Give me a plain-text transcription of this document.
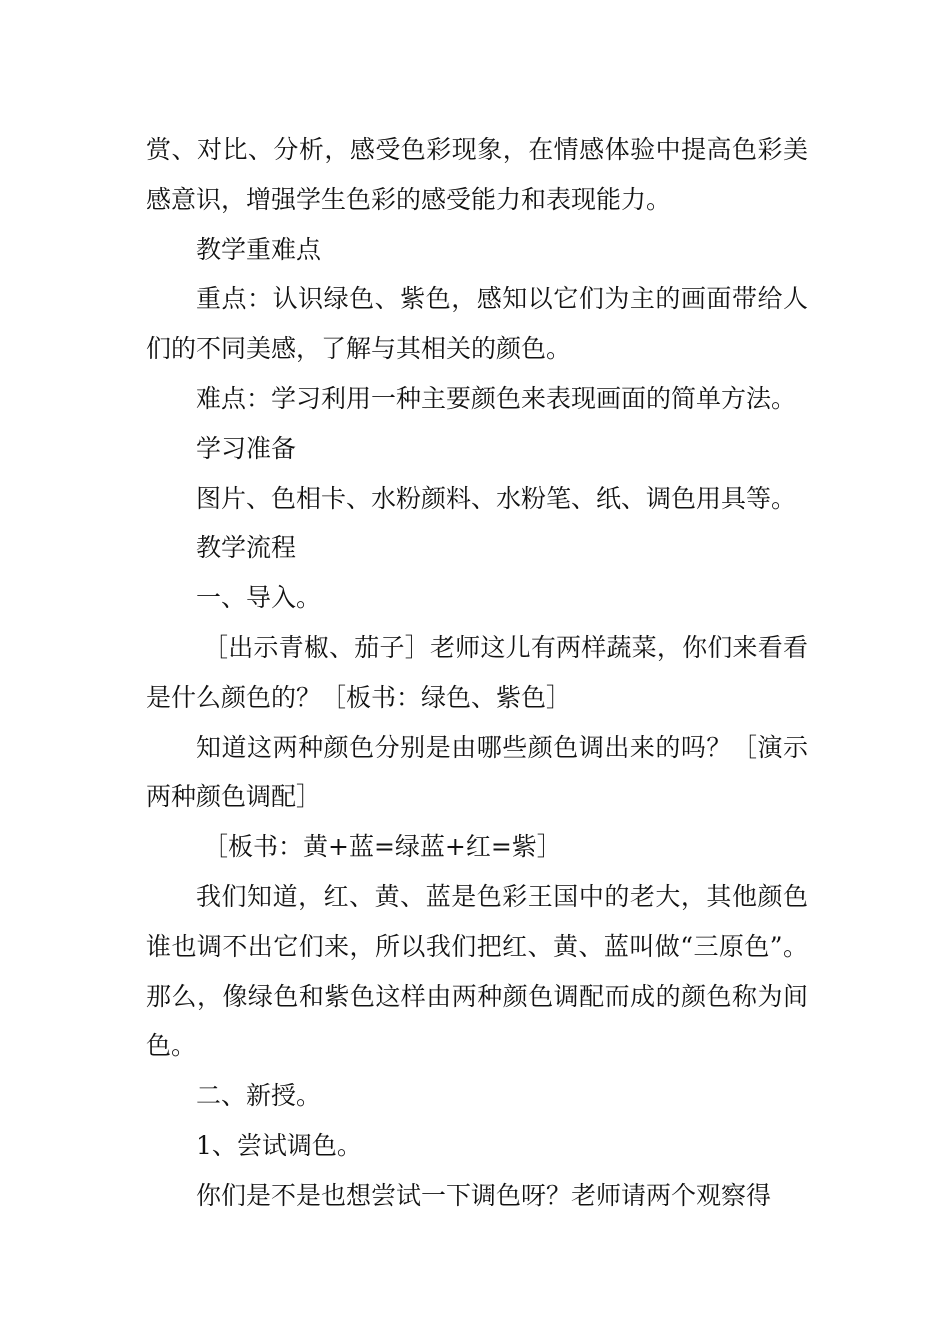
赏、对比、分析，感受色彩现象，在情感体验中提高色彩美感意识，增强学生色彩的感受能力和表现能力。

教学重难点

重点：认识绿色、紫色，感知以它们为主的画面带给人们的不同美感，了解与其相关的颜色。

难点：学习利用一种主要颜色来表现画面的简单方法。

学习准备

图片、色相卡、水粉颜料、水粉笔、纸、调色用具等。

教学流程

一、导入。

［出示青椒、茄子］老师这儿有两样蔬菜，你们来看看是什么颜色的？［板书：绿色、紫色］

知道这两种颜色分别是由哪些颜色调出来的吗？［演示两种颜色调配］

［板书：黄+蓝=绿蓝+红=紫］

我们知道，红、黄、蓝是色彩王国中的老大，其他颜色谁也调不出它们来，所以我们把红、黄、蓝叫做“三原色”。那么，像绿色和紫色这样由两种颜色调配而成的颜色称为间色。

二、新授。

1、尝试调色。

你们是不是也想尝试一下调色呀？老师请两个观察得
